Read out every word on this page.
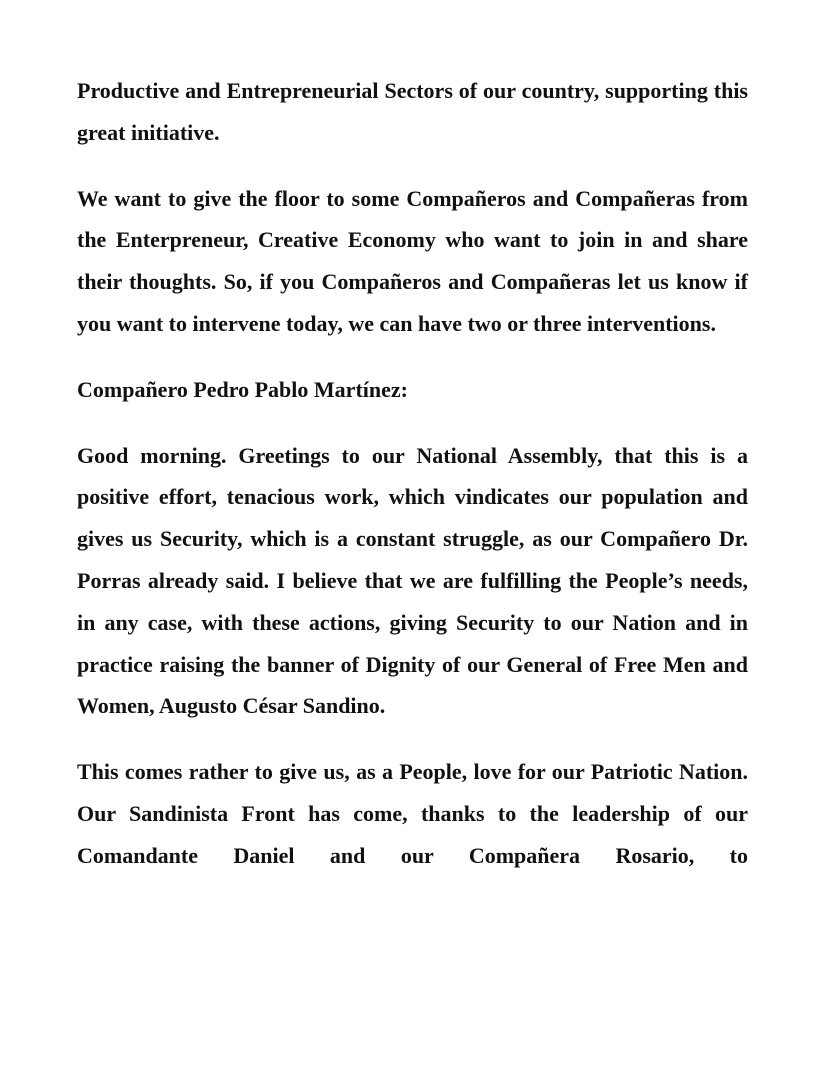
Productive and Entrepreneurial Sectors of our country, supporting this great initiative.

We want to give the floor to some Compañeros and Compañeras from the Enterpreneur, Creative Economy who want to join in and share their thoughts. So, if you Compañeros and Compañeras let us know if you want to intervene today, we can have two or three interventions.

Compañero Pedro Pablo Martínez:

Good morning. Greetings to our National Assembly, that this is a positive effort, tenacious work, which vindicates our population and gives us Security, which is a constant struggle, as our Compañero Dr. Porras already said. I believe that we are fulfilling the People’s needs, in any case, with these actions, giving Security to our Nation and in practice raising the banner of Dignity of our General of Free Men and Women, Augusto César Sandino.

This comes rather to give us, as a People, love for our Patriotic Nation. Our Sandinista Front has come, thanks to the leadership of our Comandante Daniel and our Compañera Rosario, to
